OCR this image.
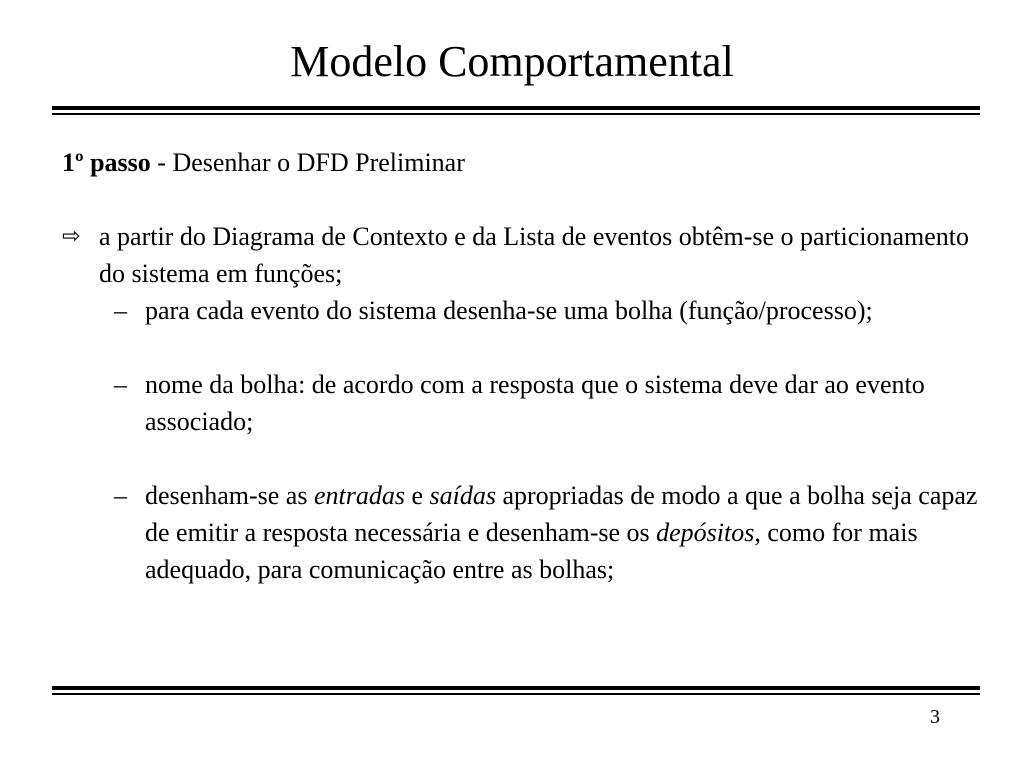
Modelo Comportamental

1º passo - Desenhar o DFD Preliminar

⇨ a partir do Diagrama de Contexto e da Lista de eventos obtêm-se o particionamento do sistema em funções;

– para cada evento do sistema desenha-se uma bolha (função/processo);

– nome da bolha: de acordo com a resposta que o sistema deve dar ao evento associado;

– desenham-se as entradas e saídas apropriadas de modo a que a bolha seja capaz de emitir a resposta necessária e desenham-se os depósitos, como for mais adequado, para comunicação entre as bolhas;

3
